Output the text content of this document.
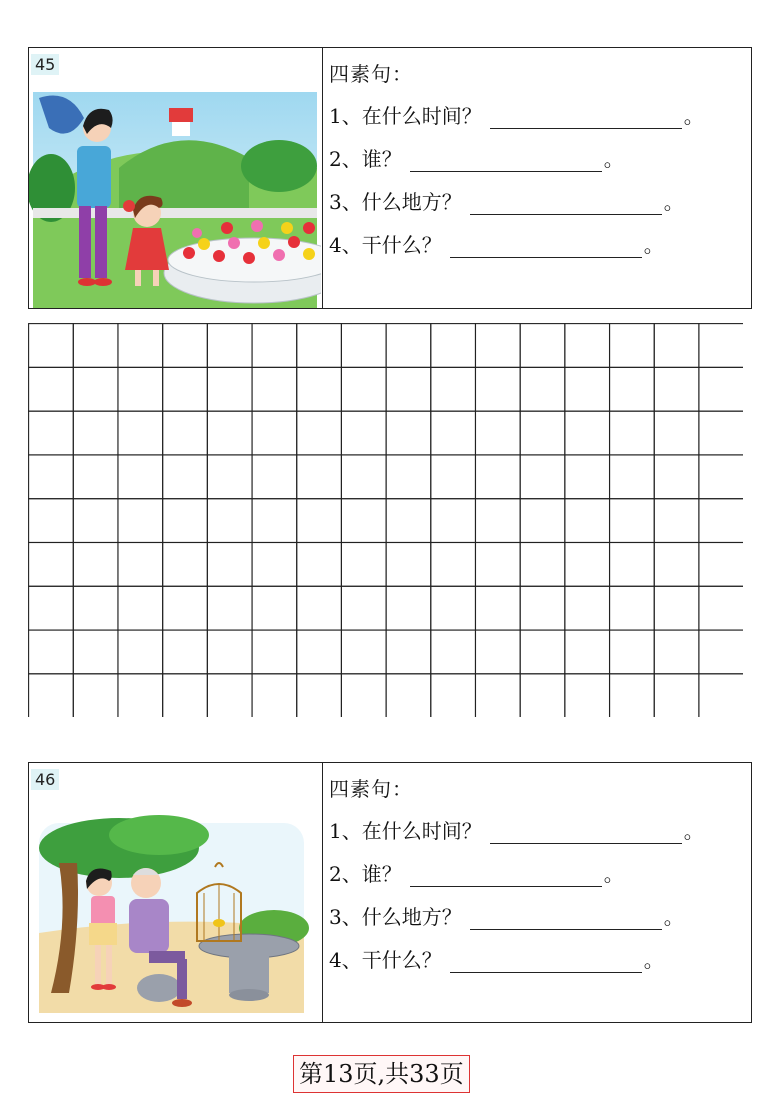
45	四素句：
1、在什么时间？	。
2、谁？	。
3、什么地方？	。
4、干什么？	。
46	四素句：
1、在什么时间？	。
2、谁？	。
3、什么地方？	。
4、干什么？	。
第13页,共33页
